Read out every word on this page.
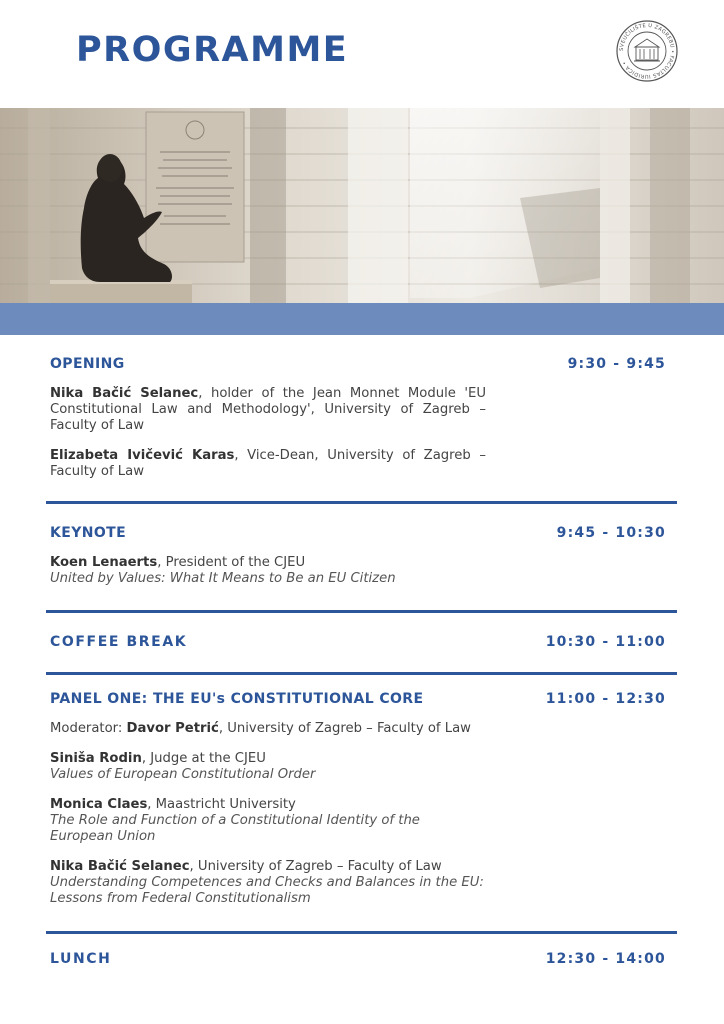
PROGRAMME	SVEUČILIŠTE U ZAGREBU • FACULTAS IURIDICA •
OPENING	9:30 - 9:45
Nika Bačić Selanec, holder of the Jean Monnet Module 'EU Constitutional Law and Methodology', University of Zagreb – Faculty of Law
Elizabeta Ivičević Karas, Vice-Dean, University of Zagreb – Faculty of Law
KEYNOTE	9:45 - 10:30
Koen Lenaerts, President of the CJEU
United by Values: What It Means to Be an EU Citizen
COFFEE BREAK	10:30 - 11:00
PANEL ONE: THE EU's CONSTITUTIONAL CORE	11:00 - 12:30
Moderator: Davor Petrić, University of Zagreb – Faculty of Law
Siniša Rodin, Judge at the CJEU
Values of European Constitutional Order
Monica Claes, Maastricht University
The Role and Function of a Constitutional Identity of the European Union
Nika Bačić Selanec, University of Zagreb – Faculty of Law
Understanding Competences and Checks and Balances in the EU: Lessons from Federal Constitutionalism
LUNCH	12:30 - 14:00
